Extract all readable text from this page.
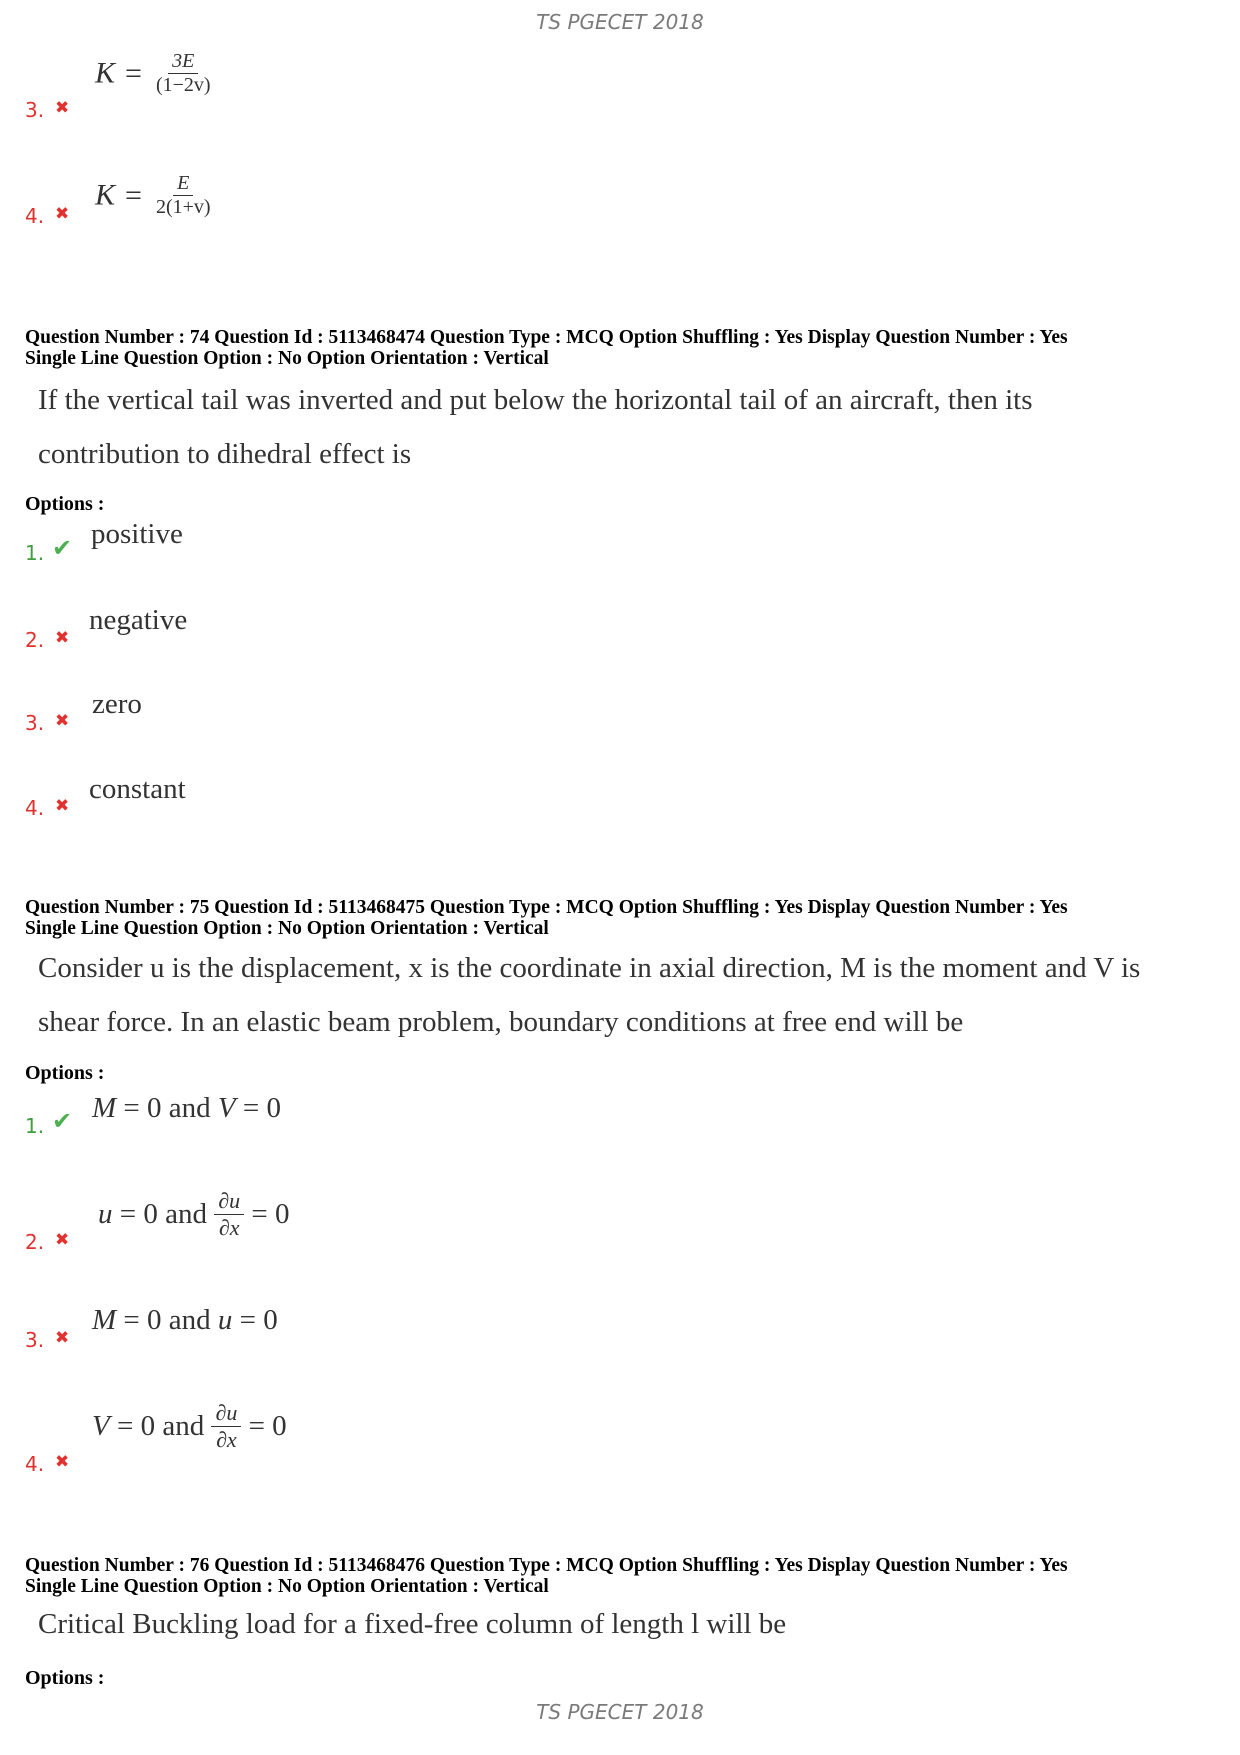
TS PGECET 2018
3. ✖
$K = \frac{3E}{(1-2v)}$
4. ✖
$K = \frac{E}{2(1+v)}$
Question Number : 74 Question Id : 5113468474 Question Type : MCQ Option Shuffling : Yes Display Question Number : Yes
Single Line Question Option : No Option Orientation : Vertical
If the vertical tail was inverted and put below the horizontal tail of an aircraft, then its
contribution to dihedral effect is
Options :
1. ✔ positive
2. ✖
negative
3. ✖
zero
4. ✖
constant
Question Number : 75 Question Id : 5113468475 Question Type : MCQ Option Shuffling : Yes Display Question Number : Yes
Single Line Question Option : No Option Orientation : Vertical
Consider u is the displacement, x is the coordinate in axial direction, M is the moment and V is
shear force. In an elastic beam problem, boundary conditions at free end will be
Options :
1. ✔ M = 0 and V = 0
2. ✖
u = 0 and $\frac{\partial u}{\partial x} = 0$
3. ✖
M = 0 and u = 0
4. ✖
V = 0 and $\frac{\partial u}{\partial x} = 0$
Question Number : 76 Question Id : 5113468476 Question Type : MCQ Option Shuffling : Yes Display Question Number : Yes
Single Line Question Option : No Option Orientation : Vertical
Critical Buckling load for a fixed-free column of length l will be
Options :
TS PGECET 2018
